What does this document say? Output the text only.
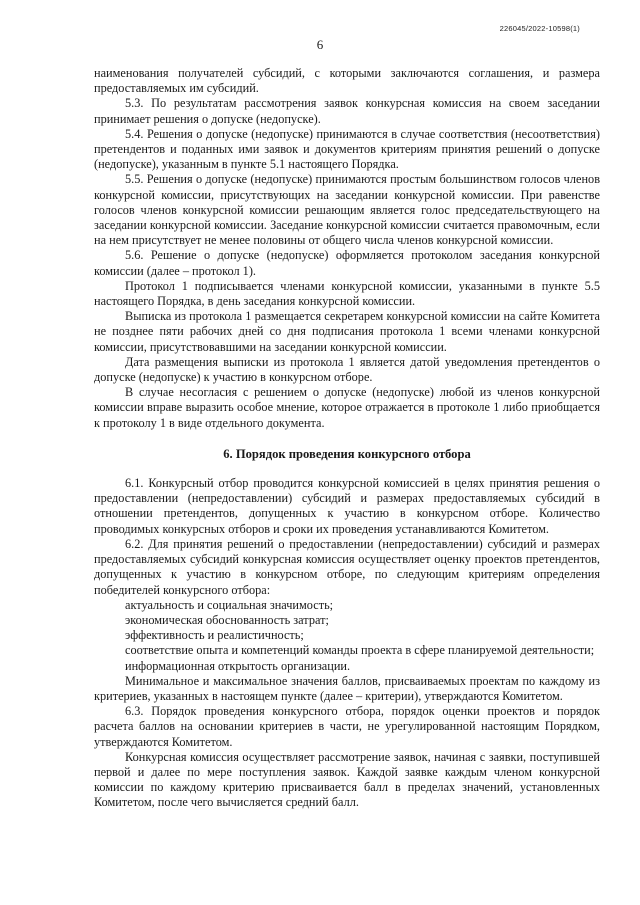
226045/2022-10598(1)
6

наименования получателей субсидий, с которыми заключаются соглашения, и размера предоставляемых им субсидий.

5.3. По результатам рассмотрения заявок конкурсная комиссия на своем заседании принимает решения о допуске (недопуске).

5.4. Решения о допуске (недопуске) принимаются в случае соответствия (несоответствия) претендентов и поданных ими заявок и документов критериям принятия решений о допуске (недопуске), указанным в пункте 5.1 настоящего Порядка.

5.5. Решения о допуске (недопуске) принимаются простым большинством голосов членов конкурсной комиссии, присутствующих на заседании конкурсной комиссии. При равенстве голосов членов конкурсной комиссии решающим является голос председательствующего на заседании конкурсной комиссии. Заседание конкурсной комиссии считается правомочным, если на нем присутствует не менее половины от общего числа членов конкурсной комиссии.

5.6. Решение о допуске (недопуске) оформляется протоколом заседания конкурсной комиссии (далее – протокол 1).

Протокол 1 подписывается членами конкурсной комиссии, указанными в пункте 5.5 настоящего Порядка, в день заседания конкурсной комиссии.

Выписка из протокола 1 размещается секретарем конкурсной комиссии на сайте Комитета не позднее пяти рабочих дней со дня подписания протокола 1 всеми членами конкурсной комиссии, присутствовавшими на заседании конкурсной комиссии.

Дата размещения выписки из протокола 1 является датой уведомления претендентов о допуске (недопуске) к участию в конкурсном отборе.

В случае несогласия с решением о допуске (недопуске) любой из членов конкурсной комиссии вправе выразить особое мнение, которое отражается в протоколе 1 либо приобщается к протоколу 1 в виде отдельного документа.

6. Порядок проведения конкурсного отбора

6.1. Конкурсный отбор проводится конкурсной комиссией в целях принятия решения о предоставлении (непредоставлении) субсидий и размерах предоставляемых субсидий в отношении претендентов, допущенных к участию в конкурсном отборе. Количество проводимых конкурсных отборов и сроки их проведения устанавливаются Комитетом.

6.2. Для принятия решений о предоставлении (непредоставлении) субсидий и размерах предоставляемых субсидий конкурсная комиссия осуществляет оценку проектов претендентов, допущенных к участию в конкурсном отборе, по следующим критериям определения победителей конкурсного отбора:

актуальность и социальная значимость;

экономическая обоснованность затрат;

эффективность и реалистичность;

соответствие опыта и компетенций команды проекта в сфере планируемой деятельности;

информационная открытость организации.

Минимальное и максимальное значения баллов, присваиваемых проектам по каждому из критериев, указанных в настоящем пункте (далее – критерии), утверждаются Комитетом.

6.3. Порядок проведения конкурсного отбора, порядок оценки проектов и порядок расчета баллов на основании критериев в части, не урегулированной настоящим Порядком, утверждаются Комитетом.

Конкурсная комиссия осуществляет рассмотрение заявок, начиная с заявки, поступившей первой и далее по мере поступления заявок. Каждой заявке каждым членом конкурсной комиссии по каждому критерию присваивается балл в пределах значений, установленных Комитетом, после чего вычисляется средний балл.
